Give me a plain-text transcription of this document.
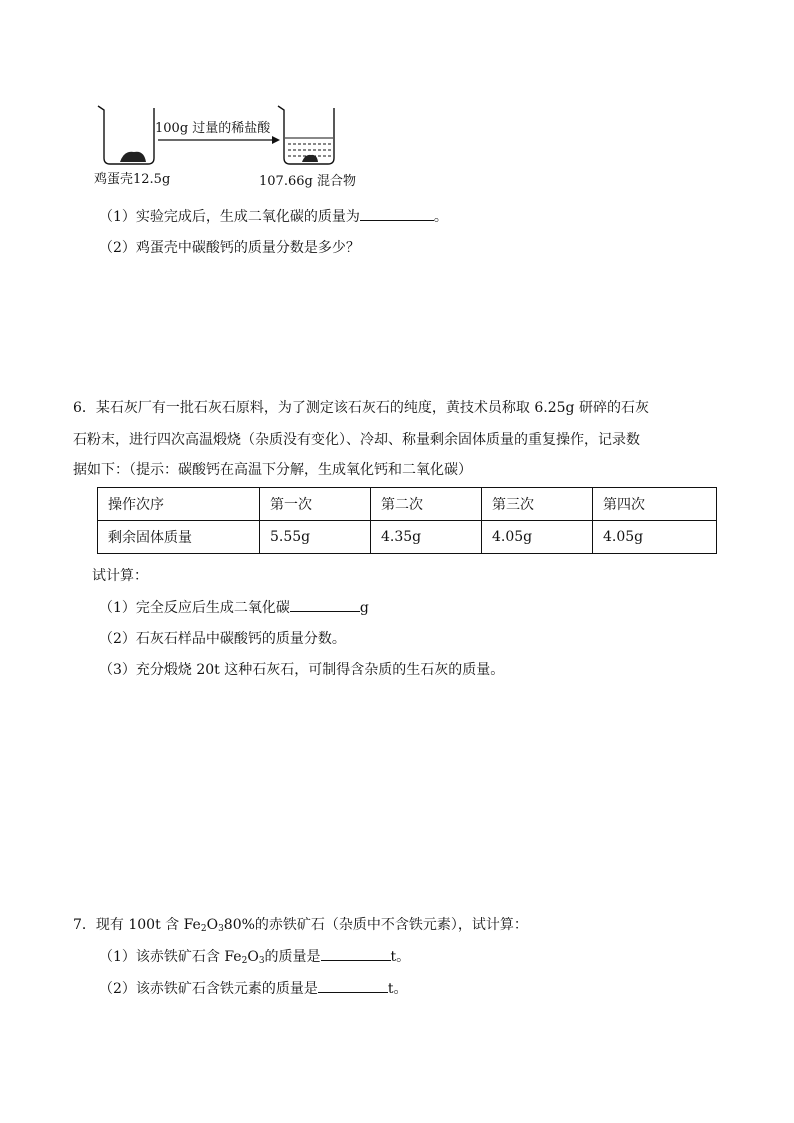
100g 过量的稀盐酸
鸡蛋壳12.5g	107.66g 混合物
（1）实验完成后，生成二氧化碳的质量为	。
（2）鸡蛋壳中碳酸钙的质量分数是多少？
6．某石灰厂有一批石灰石原料，为了测定该石灰石的纯度，黄技术员称取 6.25g 研碎的石灰
石粉末，进行四次高温煅烧（杂质没有变化）、冷却、称量剩余固体质量的重复操作，记录数
据如下：（提示：碳酸钙在高温下分解，生成氧化钙和二氧化碳）
操作次序	第一次	第二次	第三次	第四次
剩余固体质量	5.55g	4.35g	4.05g	4.05g
试计算：
（1）完全反应后生成二氧化碳	g
（2）石灰石样品中碳酸钙的质量分数。
（3）充分煅烧 20t 这种石灰石，可制得含杂质的生石灰的质量。
7．现有 100t 含 $Fe_2O_380\%$的赤铁矿石（杂质中不含铁元素），试计算：
（1）该赤铁矿石含 $Fe_2O_3$的质量是	t。
（2）该赤铁矿石含铁元素的质量是	t。
